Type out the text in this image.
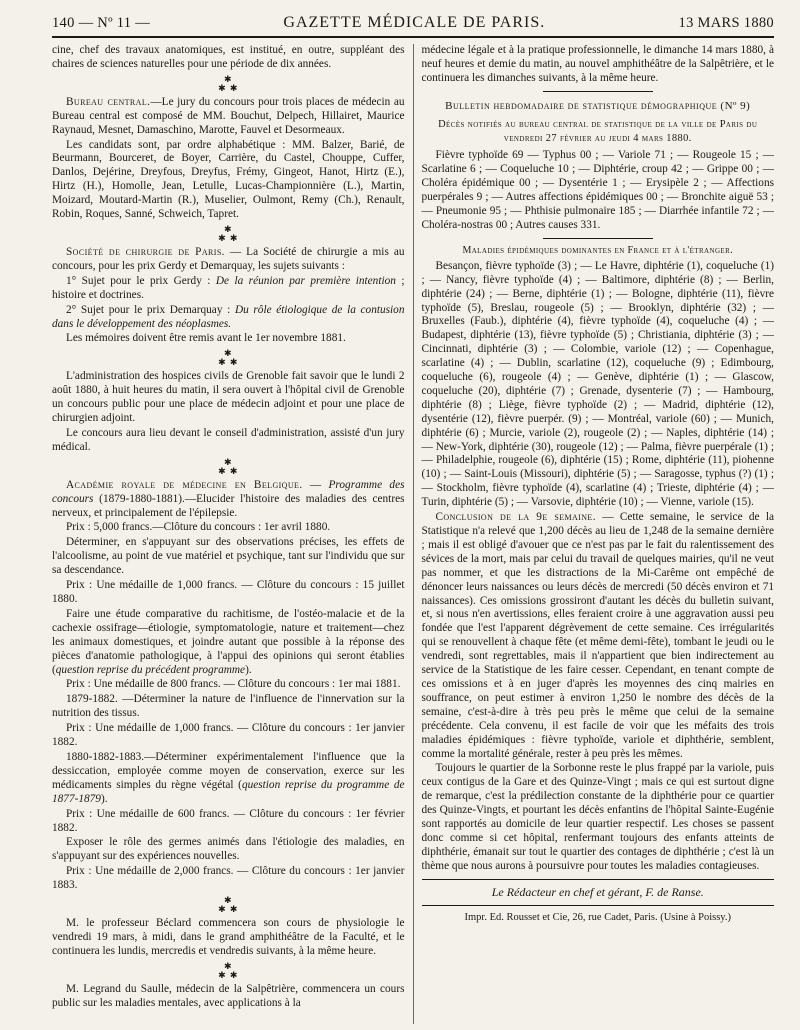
140 — Nº 11 —	GAZETTE MÉDICALE DE PARIS.	13 MARS 1880

cine, chef des travaux anatomiques, est institué, en outre, suppléant des chaires de sciences naturelles pour une période de dix années.

✱
✱ ✱

Bureau central.—Le jury du concours pour trois places de médecin au Bureau central est composé de MM. Bouchut, Delpech, Hillairet, Maurice Raynaud, Mesnet, Damaschino, Marotte, Fauvel et Desormeaux.

Les candidats sont, par ordre alphabétique : MM. Balzer, Barié, de Beurmann, Bourceret, de Boyer, Carrière, du Castel, Chouppe, Cuffer, Danlos, Dejérine, Dreyfous, Dreyfus, Frémy, Gingeot, Hanot, Hirtz (E.), Hirtz (H.), Homolle, Jean, Letulle, Lucas-Championnière (L.), Martin, Moizard, Moutard-Martin (R.), Muselier, Oulmont, Remy (Ch.), Renault, Robin, Roques, Sanné, Schweich, Tapret.

✱
✱ ✱

Société de chirurgie de Paris. — La Société de chirurgie a mis au concours, pour les prix Gerdy et Demarquay, les sujets suivants :

1° Sujet pour le prix Gerdy : De la réunion par première intention ; histoire et doctrines.

2° Sujet pour le prix Demarquay : Du rôle étiologique de la contusion dans le développement des néoplasmes.

Les mémoires doivent être remis avant le 1er novembre 1881.

✱
✱ ✱

L'administration des hospices civils de Grenoble fait savoir que le lundi 2 août 1880, à huit heures du matin, il sera ouvert à l'hôpital civil de Grenoble un concours public pour une place de médecin adjoint et pour une place de chirurgien adjoint.

Le concours aura lieu devant le conseil d'administration, assisté d'un jury médical.

✱
✱ ✱

Académie royale de médecine en Belgique. — Programme des concours (1879-1880-1881).—Elucider l'histoire des maladies des centres nerveux, et principalement de l'épilepsie.

Prix : 5,000 francs.—Clôture du concours : 1er avril 1880.

Déterminer, en s'appuyant sur des observations précises, les effets de l'alcoolisme, au point de vue matériel et psychique, tant sur l'individu que sur sa descendance.

Prix : Une médaille de 1,000 francs. — Clôture du concours : 15 juillet 1880.

Faire une étude comparative du rachitisme, de l'ostéo-malacie et de la cachexie ossifrage—étiologie, symptomatologie, nature et traitement—chez les animaux domestiques, et joindre autant que possible à la réponse des pièces d'anatomie pathologique, à l'appui des opinions qui seront établies (question reprise du précédent programme).

Prix : Une médaille de 800 francs. — Clôture du concours : 1er mai 1881.

1879-1882. —Déterminer la nature de l'influence de l'innervation sur la nutrition des tissus.

Prix : Une médaille de 1,000 francs. — Clôture du concours : 1er janvier 1882.

1880-1882-1883.—Déterminer expérimentalement l'influence que la dessiccation, employée comme moyen de conservation, exerce sur les médicaments simples du règne végétal (question reprise du programme de 1877-1879).

Prix : Une médaille de 600 francs. — Clôture du concours : 1er février 1882.

Exposer le rôle des germes animés dans l'étiologie des maladies, en s'appuyant sur des expériences nouvelles.

Prix : Une médaille de 2,000 francs. — Clôture du concours : 1er janvier 1883.

✱
✱ ✱

M. le professeur Béclard commencera son cours de physiologie le vendredi 19 mars, à midi, dans le grand amphithéâtre de la Faculté, et le continuera les lundis, mercredis et vendredis suivants, à la même heure.

✱
✱ ✱

M. Legrand du Saulle, médecin de la Salpêtrière, commencera un cours public sur les maladies mentales, avec applications à la

médecine légale et à la pratique professionnelle, le dimanche 14 mars 1880, à neuf heures et demie du matin, au nouvel amphithéâtre de la Salpêtrière, et le continuera les dimanches suivants, à la même heure.

Bulletin hebdomadaire de statistique démographique (Nº 9)
Décès notifiés au bureau central de statistique de la ville de Paris du vendredi 27 février au jeudi 4 mars 1880.

Fièvre typhoïde 69 — Typhus 00 ; — Variole 71 ; — Rougeole 15 ; — Scarlatine 6 ; — Coqueluche 10 ; — Diphtérie, croup 42 ; — Grippe 00 ; — Choléra épidémique 00 ; — Dysentérie 1 ; — Erysipèle 2 ; — Affections puerpérales 9 ; — Autres affections épidémiques 00 ; — Bronchite aiguë 53 ; — Pneumonie 95 ; — Phthisie pulmonaire 185 ; — Diarrhée infantile 72 ; — Choléra-nostras 00 ; Autres causes 331.

Maladies épidémiques dominantes en France et à l'étranger.

Besançon, fièvre typhoïde (3) ; — Le Havre, diphtérie (1), coqueluche (1) ; — Nancy, fièvre typhoïde (4) ; — Baltimore, diphtérie (8) ; — Berlin, diphtérie (24) ; — Berne, diphtérie (1) ; — Bologne, diphtérie (11), fièvre typhoïde (5), Breslau, rougeole (5) ; — Brooklyn, diphtérie (32) ; — Bruxelles (Faub.), diphtérie (4), fièvre typhoïde (4), coqueluche (4) ; — Budapest, diphtérie (13), fièvre typhoïde (5) ; Christiania, diphtérie (3) ; — Cincinnati, diphtérie (3) ; — Colombie, variole (12) ; — Copenhague, scarlatine (4) ; — Dublin, scarlatine (12), coqueluche (9) ; Edimbourg, coqueluche (6), rougeole (4) ; — Genève, diphtérie (1) ; — Glascow, coqueluche (20), diphtérie (7) ; Grenade, dysenterie (7) ; — Hambourg, diphtérie (8) ; Liège, fièvre typhoïde (2) ; — Madrid, diphtérie (12), dysentérie (12), fièvre puerpér. (9) ; — Montréal, variole (60) ; — Munich, diphtérie (6) ; Murcie, variole (2), rougeole (2) ; — Naples, diphtérie (14) ; — New-York, diphtérie (30), rougeole (12) ; — Palma, fièvre puerpérale (1) ; — Philadelphie, rougeole (6), diphtérie (15) ; Rome, diphtérie (11), piohenne (10) ; — Saint-Louis (Missouri), diphtérie (5) ; — Saragosse, typhus (?) (1) ; — Stockholm, fièvre typhoïde (4), scarlatine (4) ; Trieste, diphtérie (4) ; — Turin, diphtérie (5) ; — Varsovie, diphtérie (10) ; — Vienne, variole (15).

Conclusion de la 9e semaine. — Cette semaine, le service de la Statistique n'a relevé que 1,200 décès au lieu de 1,248 de la semaine dernière ; mais il est obligé d'avouer que ce n'est pas par le fait du ralentissement des sévices de la mort, mais par celui du travail de quelques mairies, qu'il ne veut pas nommer, et que les distractions de la Mi-Carême ont empêché de dénoncer leurs naissances ou leurs décès de mercredi (50 décès environ et 71 naissances). Ces omissions grossiront d'autant les décès du bulletin suivant, et, si nous n'en avertissions, elles feraient croire à une aggravation aussi peu fondée que l'est l'apparent dégrèvement de cette semaine. Ces irrégularités qui se renouvellent à chaque fête (et même demi-fête), tombant le jeudi ou le vendredi, sont regrettables, mais il n'appartient que bien indirectement au service de la Statistique de les faire cesser. Cependant, en tenant compte de ces omissions et à en juger d'après les moyennes des cinq mairies en souffrance, on peut estimer à environ 1,250 le nombre des décès de la semaine, c'est-à-dire à très peu près le même que celui de la semaine précédente. Cela convenu, il est facile de voir que les méfaits des trois maladies épidémiques : fièvre typhoïde, variole et diphthérie, semblent, comme la mortalité générale, rester à peu près les mêmes.

Toujours le quartier de la Sorbonne reste le plus frappé par la variole, puis ceux contigus de la Gare et des Quinze-Vingt ; mais ce qui est surtout digne de remarque, c'est la prédilection constante de la diphthérie pour ce quartier des Quinze-Vingts, et pourtant les décès enfantins de l'hôpital Sainte-Eugénie sont rapportés au domicile de leur quartier respectif. Les choses se passent donc comme si cet hôpital, renfermant toujours des enfants atteints de diphthérie, émanait sur tout le quartier des contages de diphthérie ; c'est là un thème que nous aurons à poursuivre pour toutes les maladies contagieuses.

Le Rédacteur en chef et gérant, F. de Ranse.
Impr. Ed. Rousset et Cie, 26, rue Cadet, Paris. (Usine à Poissy.)
